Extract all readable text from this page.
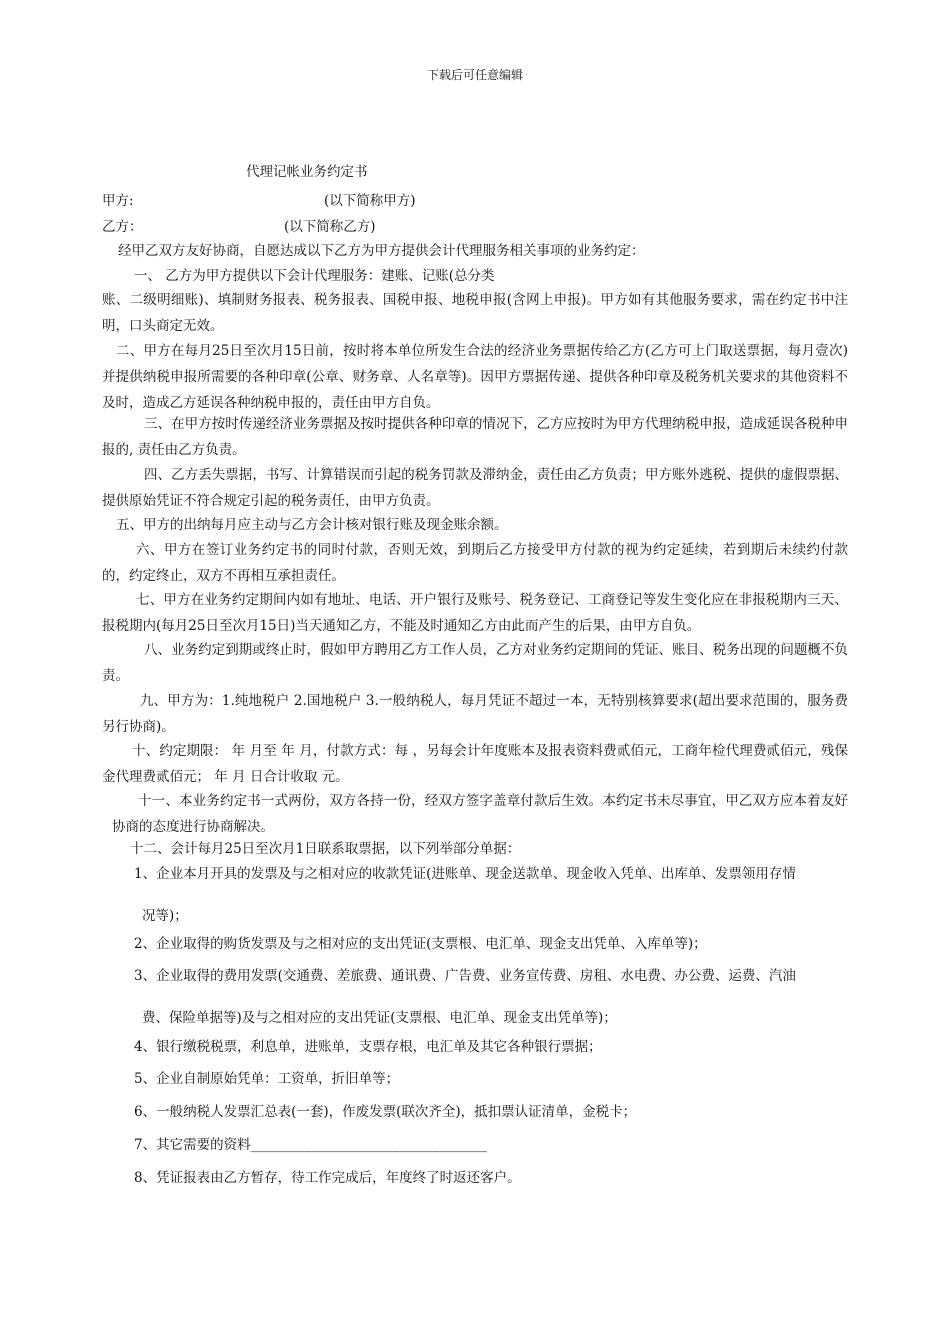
下载后可任意编辑
代理记帐业务约定书
甲方:	(以下简称甲方)
乙方：	(以下简称乙方)
经甲乙双方友好协商，自愿达成以下乙方为甲方提供会计代理服务相关事项的业务约定：
一、 乙方为甲方提供以下会计代理服务：建账、记账(总分类
账、二级明细账)、填制财务报表、税务报表、国税申报、地税申报(含网上申报)。甲方如有其他服务要求，需在约定书中注明，口头商定无效。
二、甲方在每月25日至次月15日前，按时将本单位所发生合法的经济业务票据传给乙方(乙方可上门取送票据，每月壹次)并提供纳税申报所需要的各种印章(公章、财务章、人名章等)。因甲方票据传递、提供各种印章及税务机关要求的其他资料不及时，造成乙方延误各种纳税申报的，责任由甲方自负。
三、在甲方按时传递经济业务票据及按时提供各种印章的情况下，乙方应按时为甲方代理纳税申报，造成延误各税种申报的, 责任由乙方负责。
四、乙方丢失票据，书写、计算错误而引起的税务罚款及滞纳金，责任由乙方负责；甲方账外逃税、提供的虚假票据、提供原始凭证不符合规定引起的税务责任，由甲方负责。
五、甲方的出纳每月应主动与乙方会计核对银行账及现金账余额。
六、甲方在签订业务约定书的同时付款，否则无效，到期后乙方接受甲方付款的视为约定延续，若到期后未续约付款的，约定终止，双方不再相互承担责任。
七、甲方在业务约定期间内如有地址、电话、开户银行及账号、税务登记、工商登记等发生变化应在非报税期内三天、报税期内(每月25日至次月15日)当天通知乙方，不能及时通知乙方由此而产生的后果，由甲方自负。
八、业务约定到期或终止时，假如甲方聘用乙方工作人员，乙方对业务约定期间的凭证、账目、税务出现的问题概不负责。
九、甲方为：1.纯地税户 2.国地税户 3.一般纳税人，每月凭证不超过一本，无特别核算要求(超出要求范围的，服务费另行协商)。
十、约定期限： 年 月至 年 月，付款方式：每 ，另每会计年度账本及报表资料费贰佰元，工商年检代理费贰佰元，残保金代理费贰佰元； 年 月 日合计收取 元。
十一、本业务约定书一式两份，双方各持一份，经双方签字盖章付款后生效。本约定书未尽事宜，甲乙双方应本着友好协商的态度进行协商解决。
十二、会计每月25日至次月1日联系取票据，以下列举部分单据：
1、企业本月开具的发票及与之相对应的收款凭证(进账单、现金送款单、现金收入凭单、出库单、发票领用存情
况等)；
2、企业取得的购货发票及与之相对应的支出凭证(支票根、电汇单、现金支出凭单、入库单等)；
3、企业取得的费用发票(交通费、差旅费、通讯费、广告费、业务宣传费、房租、水电费、办公费、运费、汽油
费、保险单据等)及与之相对应的支出凭证(支票根、电汇单、现金支出凭单等)；
4、银行缴税税票，利息单，进账单，支票存根，电汇单及其它各种银行票据；
5、企业自制原始凭单：工资单，折旧单等；
6、一般纳税人发票汇总表(一套)，作废发票(联次齐全)，抵扣票认证清单，金税卡；
7、其它需要的资料___________________________________
8、凭证报表由乙方暂存，待工作完成后，年度终了时返还客户。
